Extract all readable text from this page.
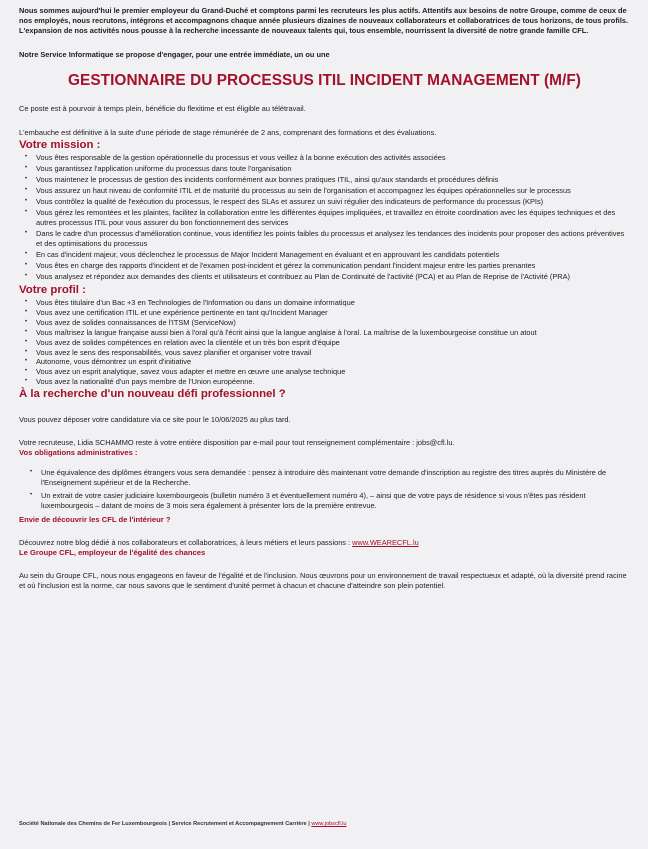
Nous sommes aujourd'hui le premier employeur du Grand-Duché et comptons parmi les recruteurs les plus actifs. Attentifs aux besoins de notre Groupe, comme de ceux de nos employés, nous recrutons, intégrons et accompagnons chaque année plusieurs dizaines de nouveaux collaborateurs et collaboratrices de tous horizons, de tous profils. L'expansion de nos activités nous pousse à la recherche incessante de nouveaux talents qui, tous ensemble, nourrissent la diversité de notre grande famille CFL.

Notre Service Informatique se propose d'engager, pour une entrée immédiate, un ou une

GESTIONNAIRE DU PROCESSUS ITIL INCIDENT MANAGEMENT (M/F)

Ce poste est à pourvoir à temps plein, bénéficie du flexitime et est éligible au télétravail.

L'embauche est définitive à la suite d'une période de stage rémunérée de 2 ans, comprenant des formations et des évaluations.

Votre mission :
• Vous êtes responsable de la gestion opérationnelle du processus et vous veillez à la bonne exécution des activités associées
• Vous garantissez l'application uniforme du processus dans toute l'organisation
• Vous maintenez le processus de gestion des incidents conformément aux bonnes pratiques ITIL, ainsi qu'aux standards et procédures définis
• Vous assurez un haut niveau de conformité ITIL et de maturité du processus au sein de l'organisation et accompagnez les équipes opérationnelles sur le processus
• Vous contrôlez la qualité de l'exécution du processus, le respect des SLAs et assurez un suivi régulier des indicateurs de performance du processus (KPIs)
• Vous gérez les remontées et les plaintes, facilitez la collaboration entre les différentes équipes impliquées, et travaillez en étroite coordination avec les équipes techniques et des autres processus ITIL pour vous assurer du bon fonctionnement des services
• Dans le cadre d'un processus d'amélioration continue, vous identifiez les points faibles du processus et analysez les tendances des incidents pour proposer des actions préventives et des optimisations du processus
• En cas d'incident majeur, vous déclenchez le processus de Major Incident Management en évaluant et en approuvant les candidats potentiels
• Vous êtes en charge des rapports d'incident et de l'examen post-incident et gérez la communication pendant l'incident majeur entre les parties prenantes
• Vous analysez et répondez aux demandes des clients et utilisateurs et contribuez au Plan de Continuité de l'activité (PCA) et au Plan de Reprise de l'Activité (PRA)
Votre profil :
• Vous êtes titulaire d'un Bac +3 en Technologies de l'Information ou dans un domaine informatique
• Vous avez une certification ITIL et une expérience pertinente en tant qu'Incident Manager
• Vous avez de solides connaissances de l'ITSM (ServiceNow)
• Vous maîtrisez la langue française aussi bien à l'oral qu'à l'écrit ainsi que la langue anglaise à l'oral. La maîtrise de la luxembourgeoise constitue un atout
• Vous avez de solides compétences en relation avec la clientèle et un très bon esprit d'équipe
• Vous avez le sens des responsabilités, vous savez planifier et organiser votre travail
• Autonome, vous démontrez un esprit d'initiative
• Vous avez un esprit analytique, savez vous adapter et mettre en œuvre une analyse technique
• Vous avez la nationalité d'un pays membre de l'Union européenne.
À la recherche d'un nouveau défi professionnel ?

Vous pouvez déposer votre candidature via ce site pour le 10/06/2025 au plus tard.

Votre recruteuse, Lidia SCHAMMO reste à votre entière disposition par e-mail pour tout renseignement complémentaire : jobs@cfl.lu.

Vos obligations administratives :
• Une équivalence des diplômes étrangers vous sera demandée : pensez à introduire dès maintenant votre demande d'inscription au registre des titres auprès du Ministère de l'Enseignement supérieur et de la Recherche.
• Un extrait de votre casier judiciaire luxembourgeois (bulletin numéro 3 et éventuellement numéro 4), – ainsi que de votre pays de résidence si vous n'êtes pas résident luxembourgeois – datant de moins de 3 mois sera également à présenter lors de la première entrevue.
Envie de découvrir les CFL de l'intérieur ?

Découvrez notre blog dédié à nos collaborateurs et collaboratrices, à leurs métiers et leurs passions : www.WEARECFL.lu

Le Groupe CFL, employeur de l'égalité des chances

Au sein du Groupe CFL, nous nous engageons en faveur de l'égalité et de l'inclusion. Nous œuvrons pour un environnement de travail respectueux et adapté, où la diversité prend racine et où l'inclusion est la norme, car nous savons que le sentiment d'unité permet à chacun et chacune d'atteindre son plein potentiel.

Société Nationale des Chemins de Fer Luxembourgeois | Service Recrutement et Accompagnement Carrière | www.jobscfl.lu
